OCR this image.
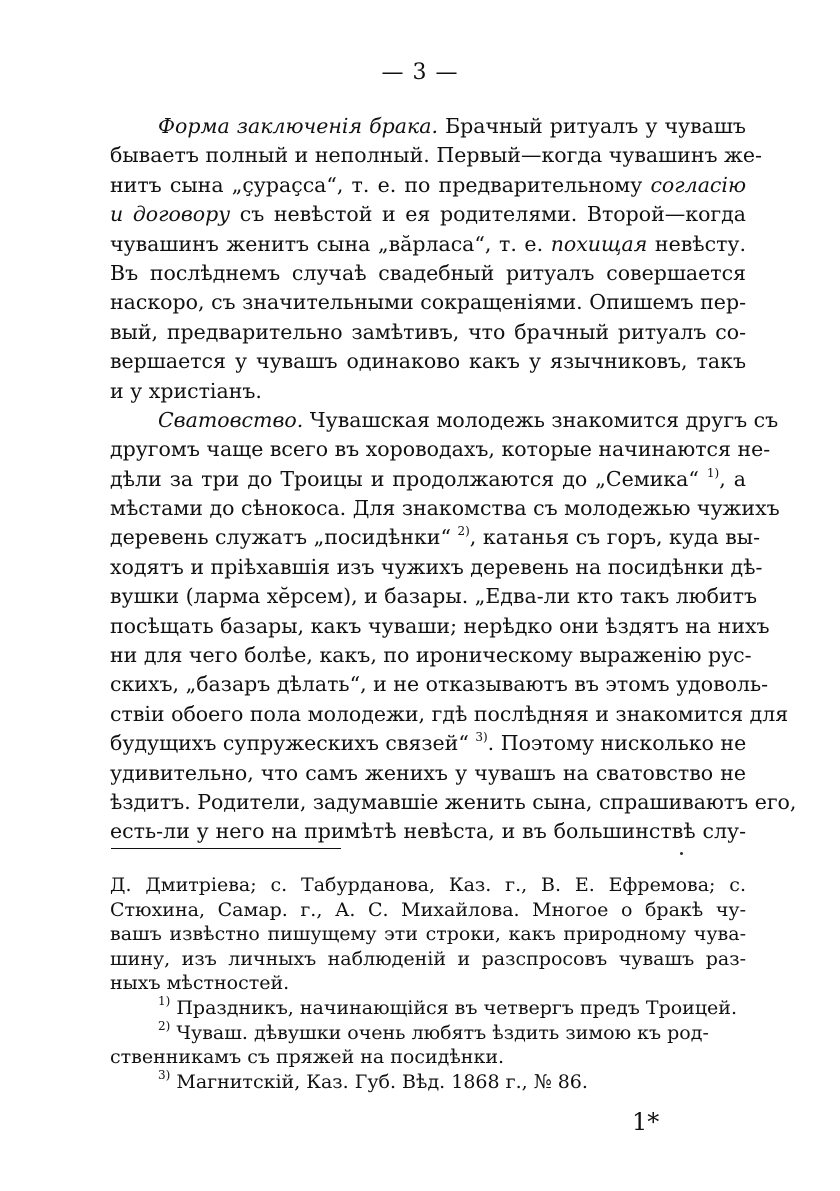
— 3 —
Форма заключенія брака. Брачный ритуалъ у чувашъ
бываетъ полный и неполный. Первый—когда чувашинъ же-
нитъ сына „çураçса“, т. е. по предварительному согласію
и договору съ невѣстой и ея родителями. Второй—когда
чувашинъ женитъ сына „вăрласа“, т. е. похищая невѣсту.
Въ послѣднемъ случаѣ свадебный ритуалъ совершается
наскоро, съ значительными сокращеніями. Опишемъ пер-
вый, предварительно замѣтивъ, что брачный ритуалъ со-
вершается у чувашъ одинаково какъ у язычниковъ, такъ
и у христіанъ.
Сватовство. Чувашская молодежь знакомится другъ съ
другомъ чаще всего въ хороводахъ, которые начинаются не-
дѣли за три до Троицы и продолжаются до „Семика“ $^{1)}$, а
мѣстами до сѣнокоса. Для знакомства съ молодежью чужихъ
деревень служатъ „посидѣнки“ $^{2)}$, катанья съ горъ, куда вы-
ходятъ и пріѣхавшія изъ чужихъ деревень на посидѣнки дѣ-
вушки (ларма хĕрсем), и базары. „Едва-ли кто такъ любитъ
посѣщать базары, какъ чуваши; нерѣдко они ѣздятъ на нихъ
ни для чего болѣе, какъ, по ироническому выраженію рус-
скихъ, „базаръ дѣлать“, и не отказываютъ въ этомъ удоволь-
ствіи обоего пола молодежи, гдѣ послѣдняя и знакомится для
будущихъ супружескихъ связей“ $^{3)}$. Поэтому нисколько не
удивительно, что самъ женихъ у чувашъ на сватовство не
ѣздитъ. Родители, задумавшіе женить сына, спрашиваютъ его,
есть-ли у него на примѣтѣ невѣста, и въ большинствѣ слу-
Д. Дмитріева; с. Табурданова, Каз. г., В. Е. Ефремова; с.
Стюхина, Самар. г., А. С. Михайлова. Многое о бракѣ чу-
вашъ извѣстно пишущему эти строки, какъ природному чува-
шину, изъ личныхъ наблюденій и разспросовъ чувашъ раз-
ныхъ мѣстностей.
$^{1)}$ Праздникъ, начинающійся въ четвергъ предъ Троицей.
$^{2)}$ Чуваш. дѣвушки очень любятъ ѣздить зимою къ род-
ственникамъ съ пряжей на посидѣнки.
$^{3)}$ Магнитскій, Каз. Губ. Вѣд. 1868 г., № 86.
1*
